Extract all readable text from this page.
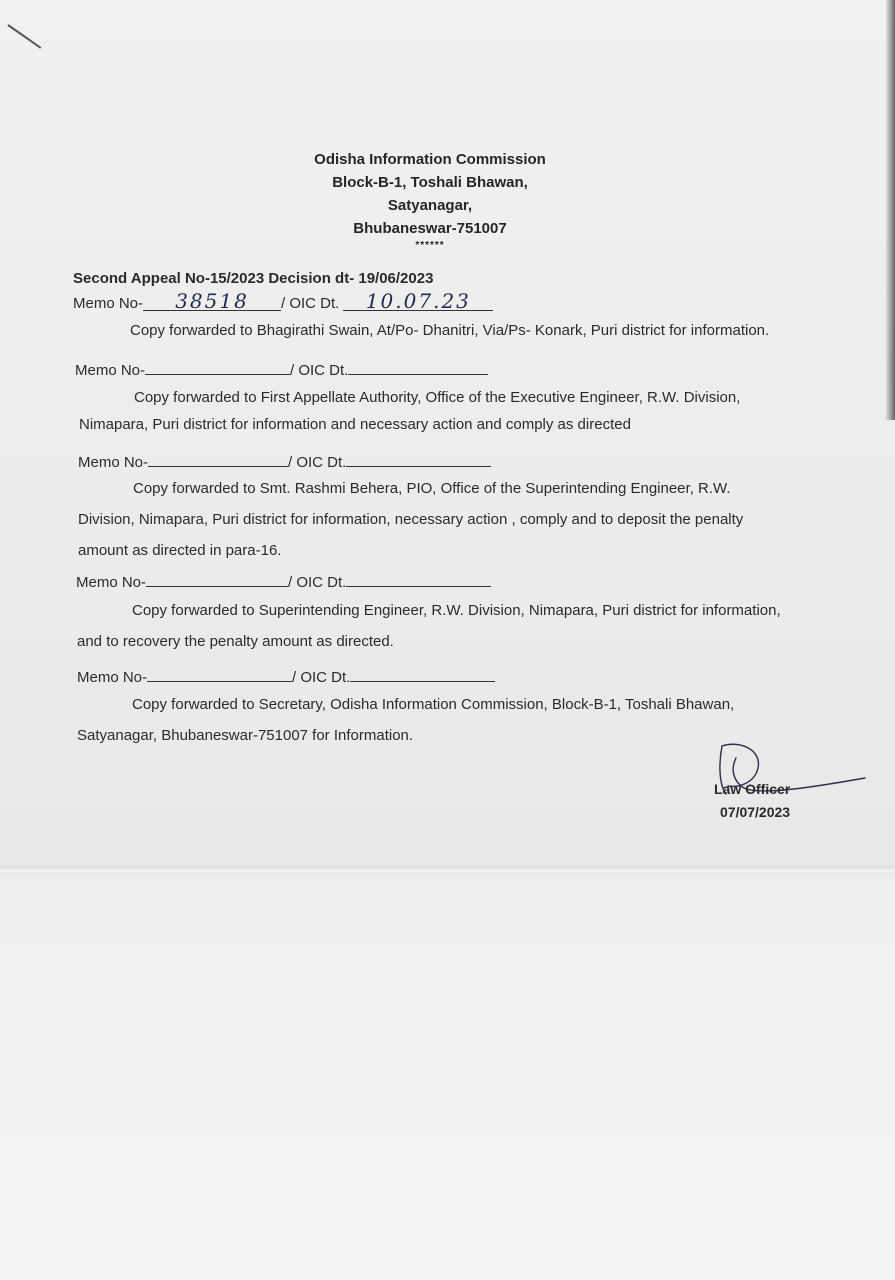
Odisha Information Commission
Block-B-1, Toshali Bhawan,
Satyanagar,
Bhubaneswar-751007
******
Second Appeal No-15/2023 Decision dt- 19/06/2023
Memo No- 38518 / OIC Dt. 10.07.23
Copy forwarded to Bhagirathi Swain, At/Po- Dhanitri, Via/Ps- Konark, Puri district for information.
Memo No-	/ OIC Dt.
Copy forwarded to First Appellate Authority, Office of the Executive Engineer, R.W. Division,
Nimapara, Puri district for information and necessary action and comply as directed
Memo No-	/ OIC Dt.
Copy forwarded to Smt. Rashmi Behera, PIO, Office of the Superintending Engineer, R.W.
Division, Nimapara, Puri district for information, necessary action , comply and to deposit the penalty
amount as directed in para-16.
Memo No-	/ OIC Dt.
Copy forwarded to Superintending Engineer, R.W. Division, Nimapara, Puri district for information,
and to recovery the penalty amount as directed.
Memo No-	/ OIC Dt.
Copy forwarded to Secretary, Odisha Information Commission, Block-B-1, Toshali Bhawan,
Satyanagar, Bhubaneswar-751007 for Information.
Law Officer
07/07/2023
